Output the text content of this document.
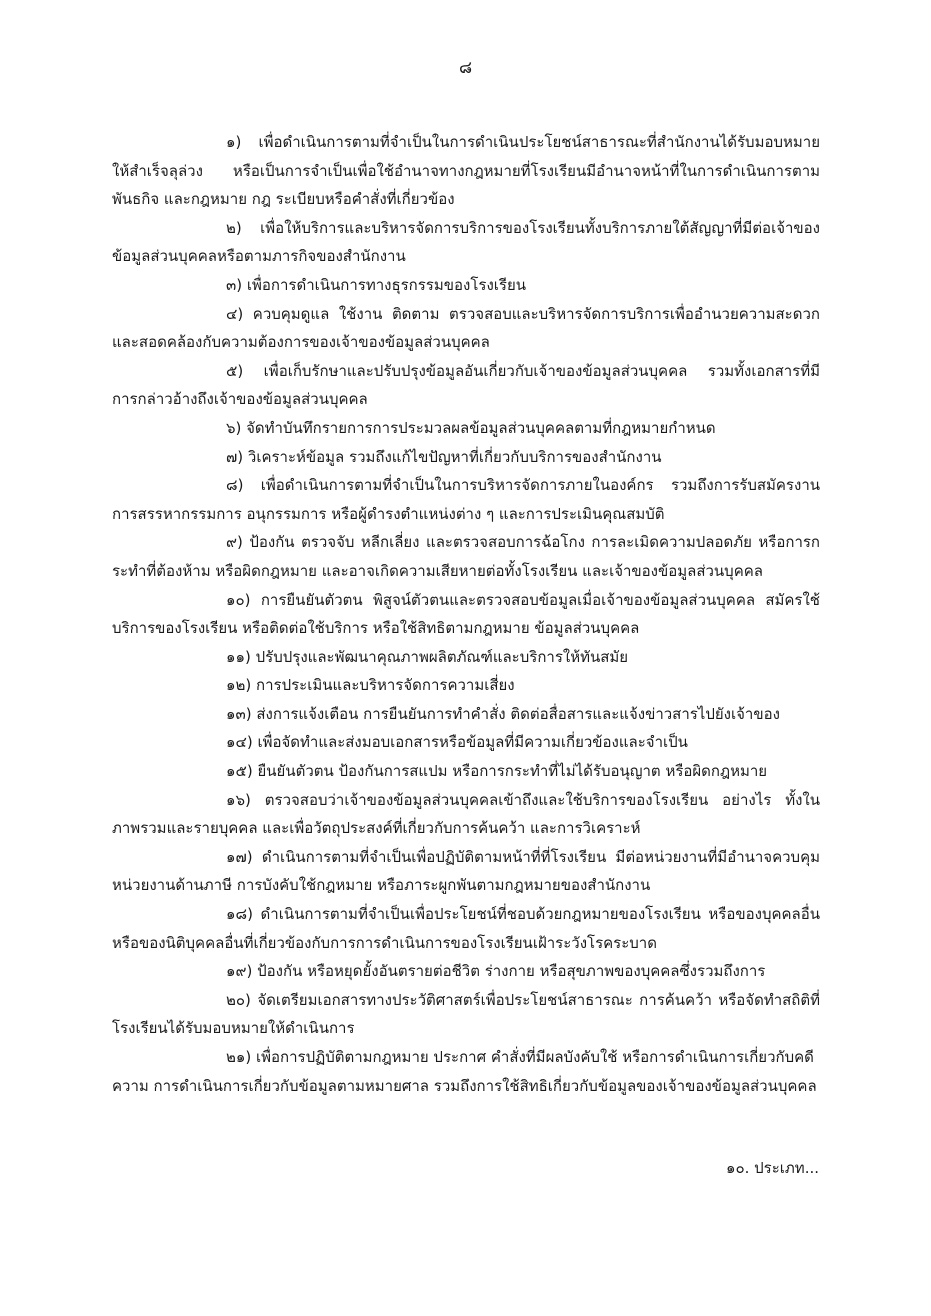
๘

๑) เพื่อดำเนินการตามที่จำเป็นในการดำเนินประโยชน์สาธารณะที่สำนักงานได้รับมอบหมายให้สำเร็จลุล่วง หรือเป็นการจำเป็นเพื่อใช้อำนาจทางกฎหมายที่โรงเรียนมีอำนาจหน้าที่ในการดำเนินการตามพันธกิจ และกฎหมาย กฎ ระเบียบหรือคำสั่งที่เกี่ยวข้อง

๒) เพื่อให้บริการและบริหารจัดการบริการของโรงเรียนทั้งบริการภายใต้สัญญาที่มีต่อเจ้าของข้อมูลส่วนบุคคลหรือตามภารกิจของสำนักงาน

๓) เพื่อการดำเนินการทางธุรกรรมของโรงเรียน

๔) ควบคุมดูแล ใช้งาน ติดตาม ตรวจสอบและบริหารจัดการบริการเพื่ออำนวยความสะดวกและสอดคล้องกับความต้องการของเจ้าของข้อมูลส่วนบุคคล

๕) เพื่อเก็บรักษาและปรับปรุงข้อมูลอันเกี่ยวกับเจ้าของข้อมูลส่วนบุคคล รวมทั้งเอกสารที่มีการกล่าวอ้างถึงเจ้าของข้อมูลส่วนบุคคล

๖) จัดทำบันทึกรายการการประมวลผลข้อมูลส่วนบุคคลตามที่กฎหมายกำหนด

๗) วิเคราะห์ข้อมูล รวมถึงแก้ไขปัญหาที่เกี่ยวกับบริการของสำนักงาน

๘) เพื่อดำเนินการตามที่จำเป็นในการบริหารจัดการภายในองค์กร รวมถึงการรับสมัครงาน การสรรหากรรมการ อนุกรรมการ หรือผู้ดำรงตำแหน่งต่าง ๆ และการประเมินคุณสมบัติ

๙) ป้องกัน ตรวจจับ หลีกเลี่ยง และตรวจสอบการฉ้อโกง การละเมิดความปลอดภัย หรือการกระทำที่ต้องห้าม หรือผิดกฎหมาย และอาจเกิดความเสียหายต่อทั้งโรงเรียน และเจ้าของข้อมูลส่วนบุคคล

๑๐) การยืนยันตัวตน พิสูจน์ตัวตนและตรวจสอบข้อมูลเมื่อเจ้าของข้อมูลส่วนบุคคล สมัครใช้บริการของโรงเรียน หรือติดต่อใช้บริการ หรือใช้สิทธิตามกฎหมาย ข้อมูลส่วนบุคคล

๑๑) ปรับปรุงและพัฒนาคุณภาพผลิตภัณฑ์และบริการให้ทันสมัย

๑๒) การประเมินและบริหารจัดการความเสี่ยง

๑๓) ส่งการแจ้งเตือน การยืนยันการทำคำสั่ง ติดต่อสื่อสารและแจ้งข่าวสารไปยังเจ้าของ

๑๔) เพื่อจัดทำและส่งมอบเอกสารหรือข้อมูลที่มีความเกี่ยวข้องและจำเป็น

๑๕) ยืนยันตัวตน ป้องกันการสแปม หรือการกระทำที่ไม่ได้รับอนุญาต หรือผิดกฎหมาย

๑๖) ตรวจสอบว่าเจ้าของข้อมูลส่วนบุคคลเข้าถึงและใช้บริการของโรงเรียน อย่างไร ทั้งในภาพรวมและรายบุคคล และเพื่อวัตถุประสงค์ที่เกี่ยวกับการค้นคว้า และการวิเคราะห์

๑๗) ดำเนินการตามที่จำเป็นเพื่อปฏิบัติตามหน้าที่ที่โรงเรียน มีต่อหน่วยงานที่มีอำนาจควบคุม หน่วยงานด้านภาษี การบังคับใช้กฎหมาย หรือภาระผูกพันตามกฎหมายของสำนักงาน

๑๘) ดำเนินการตามที่จำเป็นเพื่อประโยชน์ที่ชอบด้วยกฎหมายของโรงเรียน หรือของบุคคลอื่น หรือของนิติบุคคลอื่นที่เกี่ยวข้องกับการการดำเนินการของโรงเรียนเฝ้าระวังโรคระบาด

๑๙) ป้องกัน หรือหยุดยั้งอันตรายต่อชีวิต ร่างกาย หรือสุขภาพของบุคคลซึ่งรวมถึงการ

๒๐) จัดเตรียมเอกสารทางประวัติศาสตร์เพื่อประโยชน์สาธารณะ การค้นคว้า หรือจัดทำสถิติที่โรงเรียนได้รับมอบหมายให้ดำเนินการ

๒๑) เพื่อการปฏิบัติตามกฎหมาย ประกาศ คำสั่งที่มีผลบังคับใช้ หรือการดำเนินการเกี่ยวกับคดีความ การดำเนินการเกี่ยวกับข้อมูลตามหมายศาล รวมถึงการใช้สิทธิเกี่ยวกับข้อมูลของเจ้าของข้อมูลส่วนบุคคล

๑๐. ประเภท...
